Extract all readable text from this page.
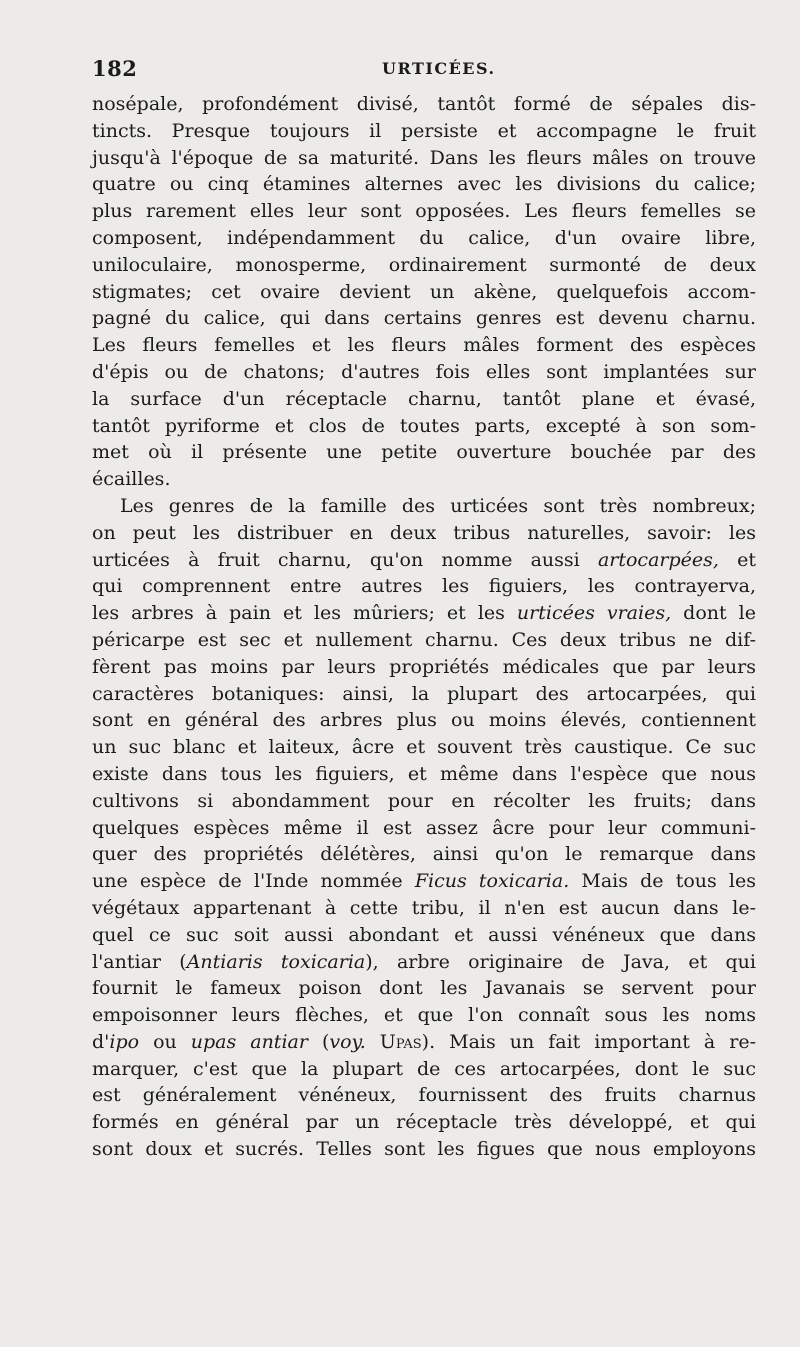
182	URTICÉES.
nosépale, profondément divisé, tantôt formé de sépales dis-
tincts. Presque toujours il persiste et accompagne le fruit
jusqu'à l'époque de sa maturité. Dans les fleurs mâles on trouve
quatre ou cinq étamines alternes avec les divisions du calice;
plus rarement elles leur sont opposées. Les fleurs femelles se
composent, indépendamment du calice, d'un ovaire libre,
uniloculaire, monosperme, ordinairement surmonté de deux
stigmates; cet ovaire devient un akène, quelquefois accom-
pagné du calice, qui dans certains genres est devenu charnu.
Les fleurs femelles et les fleurs mâles forment des espèces
d'épis ou de chatons; d'autres fois elles sont implantées sur
la surface d'un réceptacle charnu, tantôt plane et évasé,
tantôt pyriforme et clos de toutes parts, excepté à son som-
met où il présente une petite ouverture bouchée par des
écailles.
Les genres de la famille des urticées sont très nombreux;
on peut les distribuer en deux tribus naturelles, savoir: les
urticées à fruit charnu, qu'on nomme aussi artocarpées, et
qui comprennent entre autres les figuiers, les contrayerva,
les arbres à pain et les mûriers; et les urticées vraies, dont le
péricarpe est sec et nullement charnu. Ces deux tribus ne dif-
fèrent pas moins par leurs propriétés médicales que par leurs
caractères botaniques: ainsi, la plupart des artocarpées, qui
sont en général des arbres plus ou moins élevés, contiennent
un suc blanc et laiteux, âcre et souvent très caustique. Ce suc
existe dans tous les figuiers, et même dans l'espèce que nous
cultivons si abondamment pour en récolter les fruits; dans
quelques espèces même il est assez âcre pour leur communi-
quer des propriétés délétères, ainsi qu'on le remarque dans
une espèce de l'Inde nommée Ficus toxicaria. Mais de tous les
végétaux appartenant à cette tribu, il n'en est aucun dans le-
quel ce suc soit aussi abondant et aussi vénéneux que dans
l'antiar (Antiaris toxicaria), arbre originaire de Java, et qui
fournit le fameux poison dont les Javanais se servent pour
empoisonner leurs flèches, et que l'on connaît sous les noms
d'ipo ou upas antiar (voy. Upas). Mais un fait important à re-
marquer, c'est que la plupart de ces artocarpées, dont le suc
est généralement vénéneux, fournissent des fruits charnus
formés en général par un réceptacle très développé, et qui
sont doux et sucrés. Telles sont les figues que nous employons
